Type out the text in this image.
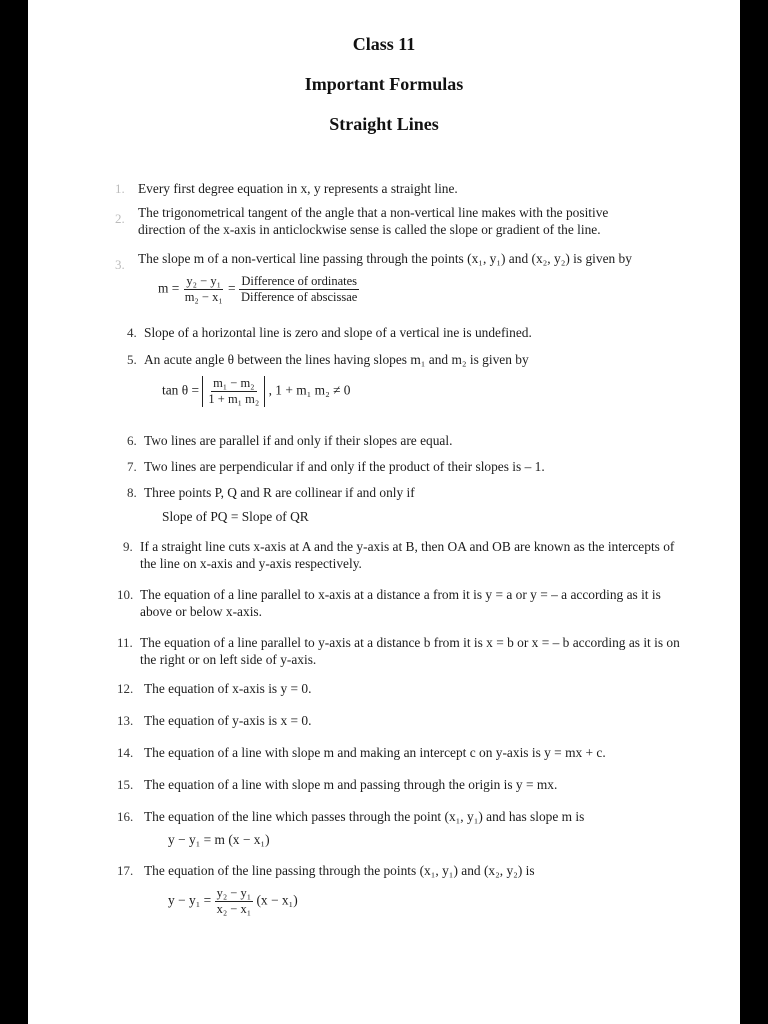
Class 11
Important Formulas
Straight Lines
1. Every first degree equation in x, y represents a straight line.
2. The trigonometrical tangent of the angle that a non-vertical line makes with the positive direction of the x-axis in anticlockwise sense is called the slope or gradient of the line.
3. The slope m of a non-vertical line passing through the points (x₁, y₁) and (x₂, y₂) is given by
$m = \frac{\text{y₂ − y₁}}{\text{m₂ − x₁}} = \frac{\text{Difference of ordinates}}{\text{Difference of abscissae}}$
4. Slope of a horizontal line is zero and slope of a vertical ine is undefined.
5. An acute angle θ between the lines having slopes m₁ and m₂ is given by
$\tan \theta = \frac{\text{m₁ − m₂}}{\text{1 + m₁ m₂}}$ , 1 + m₁ m₂ ≠ 0
6. Two lines are parallel if and only if their slopes are equal.
7. Two lines are perpendicular if and only if the product of their slopes is – 1.
8. Three points P, Q and R are collinear if and only if
Slope of PQ = Slope of QR
9. If a straight line cuts x-axis at A and the y-axis at B, then OA and OB are known as the intercepts of the line on x-axis and y-axis respectively.
10. The equation of a line parallel to x-axis at a distance a from it is y = a or y = – a according as it is above or below x-axis.
11. The equation of a line parallel to y-axis at a distance b from it is x = b or x = – b according as it is on the right or on left side of y-axis.
12. The equation of x-axis is y = 0.
13. The equation of y-axis is x = 0.
14. The equation of a line with slope m and making an intercept c on y-axis is y = mx + c.
15. The equation of a line with slope m and passing through the origin is y = mx.
16. The equation of the line which passes through the point (x₁, y₁) and has slope m is
y − y₁ = m (x − x₁)
17. The equation of the line passing through the points (x₁, y₁) and (x₂, y₂) is
$y - y_1 = \frac{\text{y₂ − y₁}}{\text{x₂ − x₁}} (x - x_1)$
